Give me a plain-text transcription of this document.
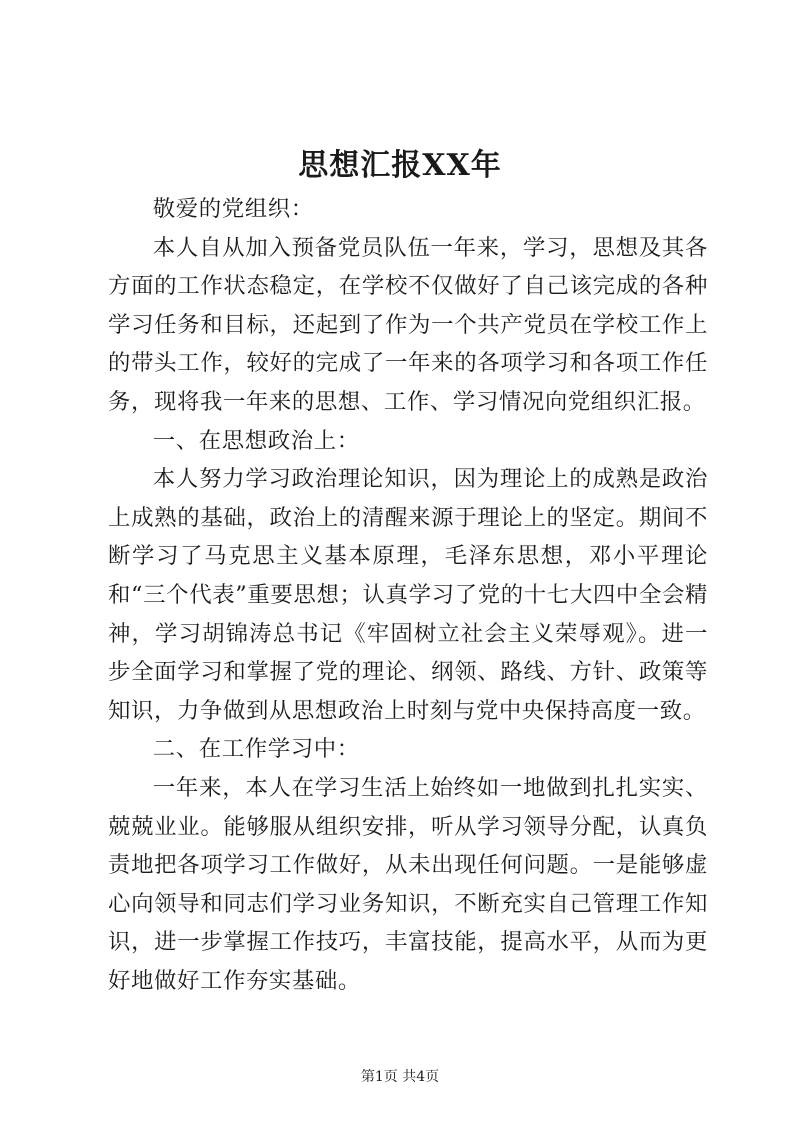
思想汇报XX年

敬爱的党组织：

本人自从加入预备党员队伍一年来，学习，思想及其各方面的工作状态稳定，在学校不仅做好了自己该完成的各种学习任务和目标，还起到了作为一个共产党员在学校工作上的带头工作，较好的完成了一年来的各项学习和各项工作任务，现将我一年来的思想、工作、学习情况向党组织汇报。

一、在思想政治上：

本人努力学习政治理论知识，因为理论上的成熟是政治上成熟的基础，政治上的清醒来源于理论上的坚定。期间不断学习了马克思主义基本原理，毛泽东思想，邓小平理论和“三个代表”重要思想；认真学习了党的十七大四中全会精神，学习胡锦涛总书记《牢固树立社会主义荣辱观》。进一步全面学习和掌握了党的理论、纲领、路线、方针、政策等知识，力争做到从思想政治上时刻与党中央保持高度一致。

二、在工作学习中：

一年来，本人在学习生活上始终如一地做到扎扎实实、兢兢业业。能够服从组织安排，听从学习领导分配，认真负责地把各项学习工作做好，从未出现任何问题。一是能够虚心向领导和同志们学习业务知识，不断充实自己管理工作知识，进一步掌握工作技巧，丰富技能，提高水平，从而为更好地做好工作夯实基础。

第1页 共4页
